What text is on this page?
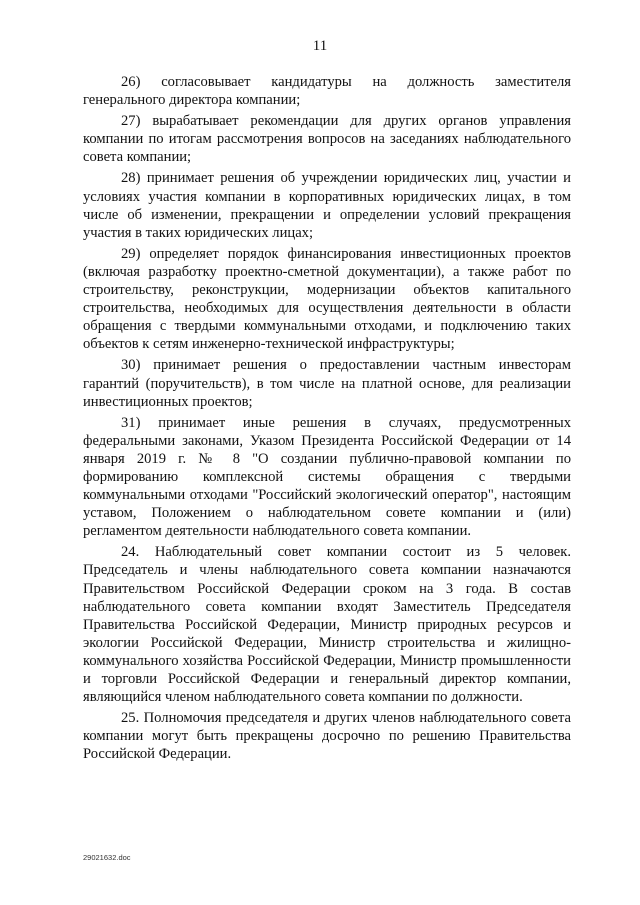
11

26) согласовывает кандидатуры на должность заместителя генерального директора компании;

27) вырабатывает рекомендации для других органов управления компании по итогам рассмотрения вопросов на заседаниях наблюдательного совета компании;

28) принимает решения об учреждении юридических лиц, участии и условиях участия компании в корпоративных юридических лицах, в том числе об изменении, прекращении и определении условий прекращения участия в таких юридических лицах;

29) определяет порядок финансирования инвестиционных проектов (включая разработку проектно-сметной документации), а также работ по строительству, реконструкции, модернизации объектов капитального строительства, необходимых для осуществления деятельности в области обращения с твердыми коммунальными отходами, и подключению таких объектов к сетям инженерно-технической инфраструктуры;

30) принимает решения о предоставлении частным инвесторам гарантий (поручительств), в том числе на платной основе, для реализации инвестиционных проектов;

31) принимает иные решения в случаях, предусмотренных федеральными законами, Указом Президента Российской Федерации от 14 января 2019 г. № 8 "О создании публично-правовой компании по формированию комплексной системы обращения с твердыми коммунальными отходами "Российский экологический оператор", настоящим уставом, Положением о наблюдательном совете компании и (или) регламентом деятельности наблюдательного совета компании.

24. Наблюдательный совет компании состоит из 5 человек. Председатель и члены наблюдательного совета компании назначаются Правительством Российской Федерации сроком на 3 года. В состав наблюдательного совета компании входят Заместитель Председателя Правительства Российской Федерации, Министр природных ресурсов и экологии Российской Федерации, Министр строительства и жилищно-коммунального хозяйства Российской Федерации, Министр промышленности и торговли Российской Федерации и генеральный директор компании, являющийся членом наблюдательного совета компании по должности.

25. Полномочия председателя и других членов наблюдательного совета компании могут быть прекращены досрочно по решению Правительства Российской Федерации.

29021632.doc
